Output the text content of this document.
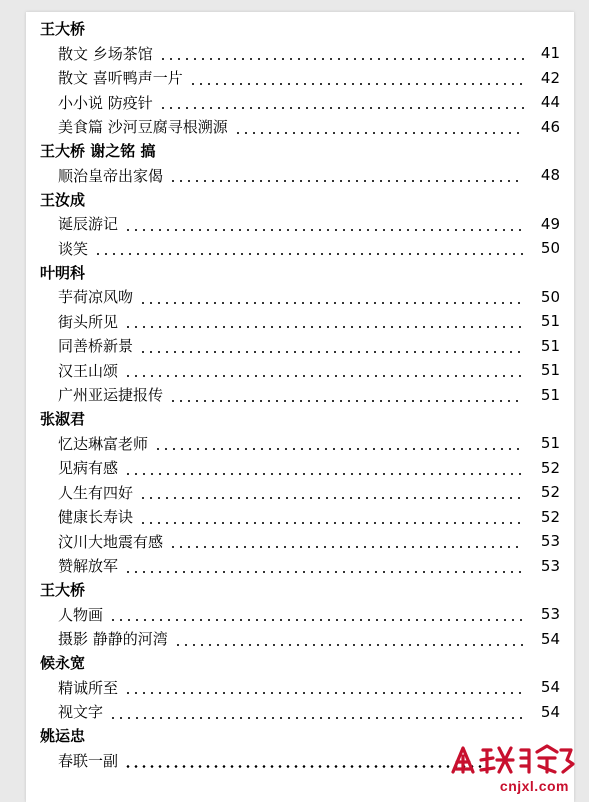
王大桥
散文 乡场茶馆	41
散文 喜听鸭声一片	42
小小说 防疫针	44
美食篇 沙河豆腐寻根溯源	46
王大桥 谢之铭 搞
顺治皇帝出家偈	48
王汝成
诞辰游记	49
谈笑	50
叶明科
芋荷凉风吻	50
街头所见	51
同善桥新景	51
汉王山颂	51
广州亚运捷报传	51
张淑君
忆达琳富老师	51
见病有感	52
人生有四好	52
健康长寿诀	52
汶川大地震有感	53
赞解放军	53
王大桥
人物画	53
摄影 静静的河湾	54
候永宽
精诚所至	54
视文字	54
姚运忠
春联一副
cnjxl.com
